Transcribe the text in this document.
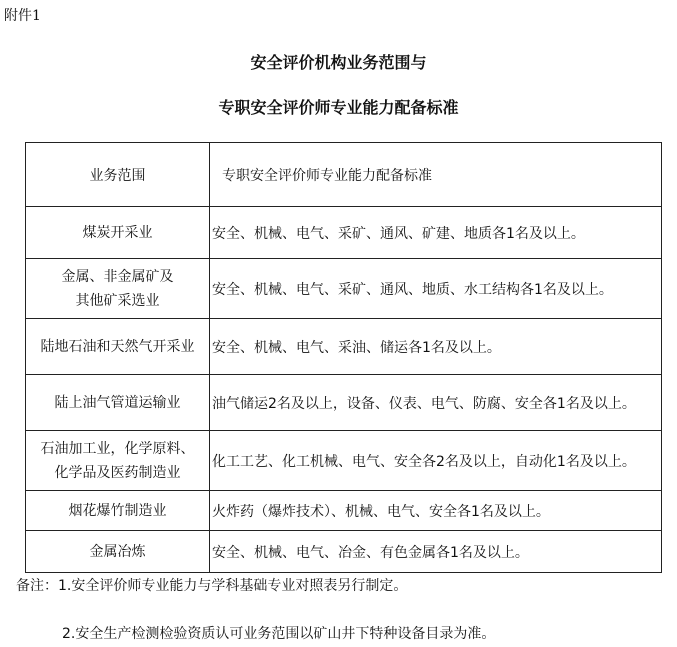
附件1
安全评价机构业务范围与
专职安全评价师专业能力配备标准
业务范围	专职安全评价师专业能力配备标准
煤炭开采业	安全、机械、电气、采矿、通风、矿建、地质各1名及以上。
金属、非金属矿及
其他矿采选业	安全、机械、电气、采矿、通风、地质、水工结构各1名及以上。
陆地石油和天然气开采业	安全、机械、电气、采油、储运各1名及以上。
陆上油气管道运输业	油气储运2名及以上，设备、仪表、电气、防腐、安全各1名及以上。
石油加工业，化学原料、
化学品及医药制造业	化工工艺、化工机械、电气、安全各2名及以上，自动化1名及以上。
烟花爆竹制造业	火炸药（爆炸技术）、机械、电气、安全各1名及以上。
金属冶炼	安全、机械、电气、冶金、有色金属各1名及以上。
备注：1.安全评价师专业能力与学科基础专业对照表另行制定。
2.安全生产检测检验资质认可业务范围以矿山井下特种设备目录为准。
